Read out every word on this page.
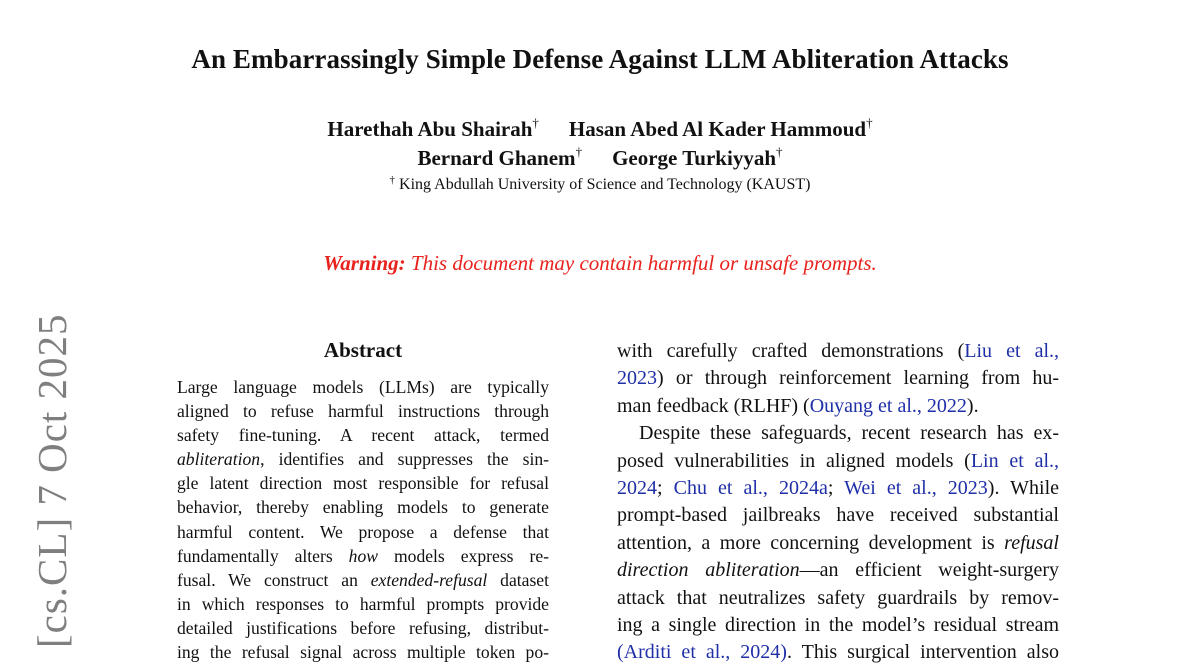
An Embarrassingly Simple Defense Against LLM Abliteration Attacks
Harethah Abu Shairah† Hasan Abed Al Kader Hammoud†
Bernard Ghanem† George Turkiyyah†
† King Abdullah University of Science and Technology (KAUST)
Warning: This document may contain harmful or unsafe prompts.
Abstract
Large language models (LLMs) are typically
aligned to refuse harmful instructions through
safety fine-tuning. A recent attack, termed
abliteration, identifies and suppresses the sin-
gle latent direction most responsible for refusal
behavior, thereby enabling models to generate
harmful content. We propose a defense that
fundamentally alters how models express re-
fusal. We construct an extended-refusal dataset
in which responses to harmful prompts provide
detailed justifications before refusing, distribut-
ing the refusal signal across multiple token po-
with carefully crafted demonstrations (Liu et al.,
2023) or through reinforcement learning from hu-
man feedback (RLHF) (Ouyang et al., 2022).
Despite these safeguards, recent research has ex-
posed vulnerabilities in aligned models (Lin et al.,
2024; Chu et al., 2024a; Wei et al., 2023). While
prompt-based jailbreaks have received substantial
attention, a more concerning development is refusal
direction abliteration—an efficient weight-surgery
attack that neutralizes safety guardrails by remov-
ing a single direction in the model’s residual stream
(Arditi et al., 2024). This surgical intervention also
[cs.CL] 7 Oct 2025
